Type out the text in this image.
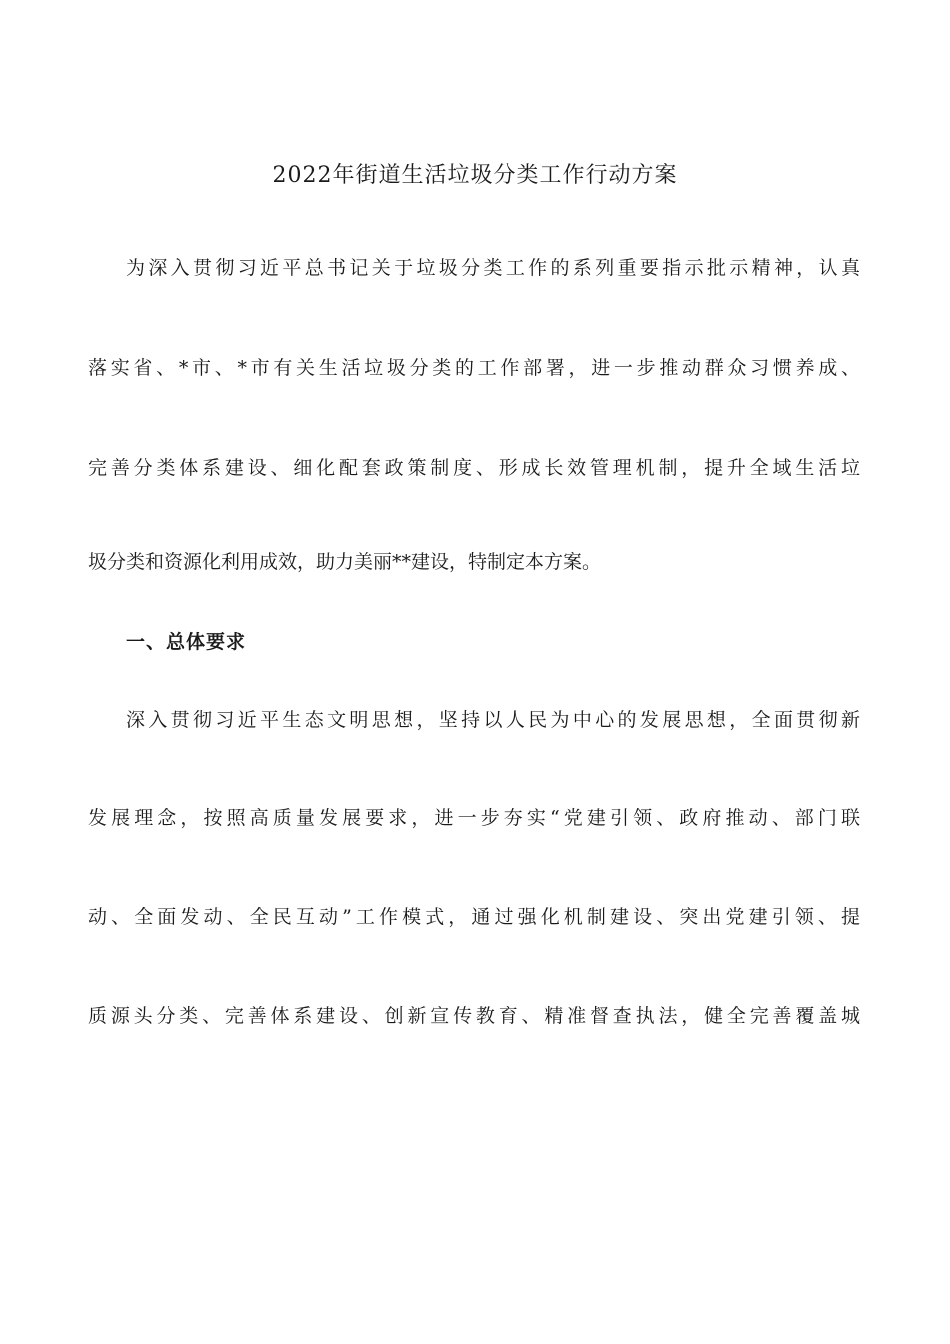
2022年街道生活垃圾分类工作行动方案
为深入贯彻习近平总书记关于垃圾分类工作的系列重要指示批示精神，认真
落实省、*市、*市有关生活垃圾分类的工作部署，进一步推动群众习惯养成、
完善分类体系建设、细化配套政策制度、形成长效管理机制，提升全域生活垃
圾分类和资源化利用成效，助力美丽**建设，特制定本方案。
一、总体要求
深入贯彻习近平生态文明思想，坚持以人民为中心的发展思想，全面贯彻新
发展理念，按照高质量发展要求，进一步夯实“党建引领、政府推动、部门联
动、全面发动、全民互动”工作模式，通过强化机制建设、突出党建引领、提
质源头分类、完善体系建设、创新宣传教育、精准督查执法，健全完善覆盖城
